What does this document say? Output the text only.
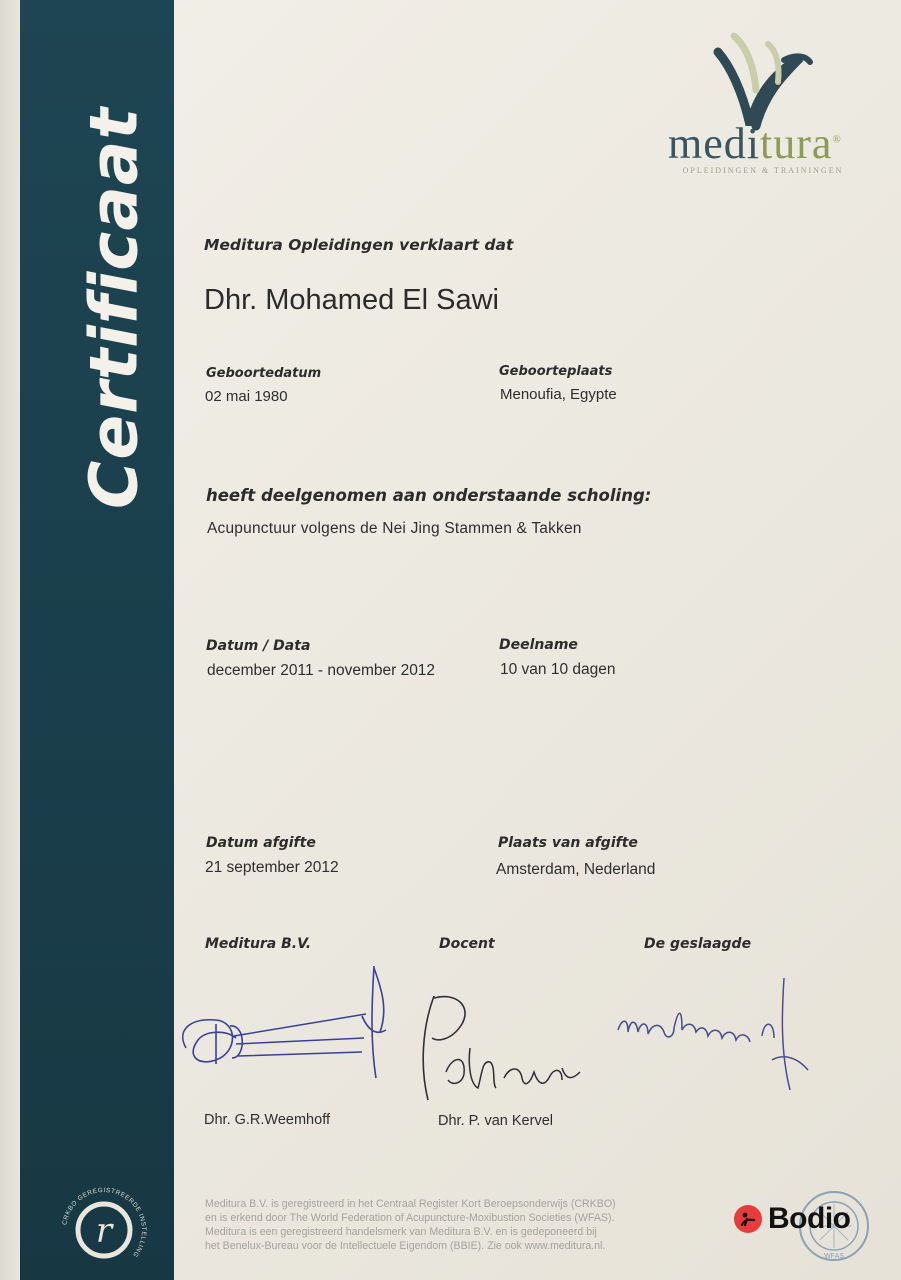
Certificaat
r
CRKBO GEREGISTREERDE INSTELLING
meditura®
OPLEIDINGEN & TRAININGEN
Meditura Opleidingen verklaart dat
Dhr. Mohamed El Sawi
Geboortedatum
02 mai 1980
Geboorteplaats
Menoufia, Egypte
heeft deelgenomen aan onderstaande scholing:
Acupunctuur volgens de Nei Jing Stammen & Takken
Datum / Data
december 2011 - november 2012
Deelname
10 van 10 dagen
Datum afgifte
21 september 2012
Plaats van afgifte
Amsterdam, Nederland
Meditura B.V.	Docent	De geslaagde
Dhr. G.R.Weemhoff	Dhr. P. van Kervel
Meditura B.V. is geregistreerd in het Centraal Register Kort Beroepsonderwijs (CRKBO)
en is erkend door The World Federation of Acupuncture-Moxibustion Societies (WFAS).
Meditura is een geregistreerd handelsmerk van Meditura B.V. en is gedeponeerd bij
het Benelux-Bureau voor de Intellectuele Eigendom (BBIE). Zie ook www.meditura.nl.
WFAS
Bodio
